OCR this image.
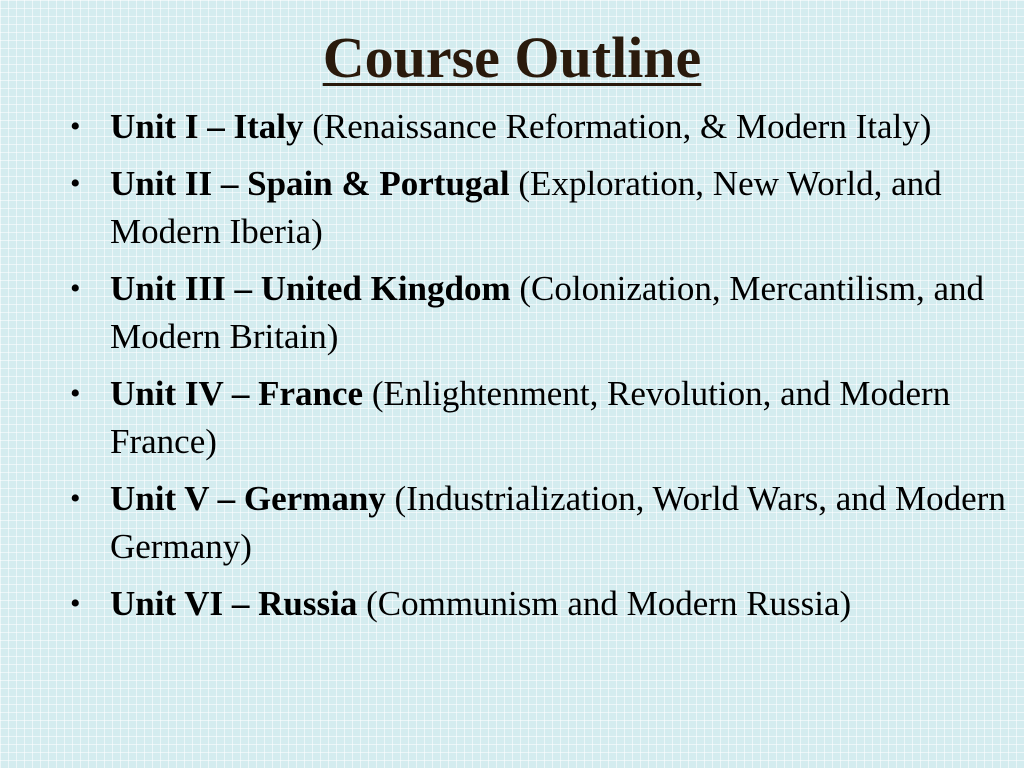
Course Outline
• Unit I – Italy (Renaissance Reformation, & Modern Italy)
• Unit II – Spain & Portugal (Exploration, New World, and Modern Iberia)
• Unit III – United Kingdom (Colonization, Mercantilism, and Modern Britain)
• Unit IV – France (Enlightenment, Revolution, and Modern France)
• Unit V – Germany (Industrialization, World Wars, and Modern Germany)
• Unit VI – Russia (Communism and Modern Russia)
